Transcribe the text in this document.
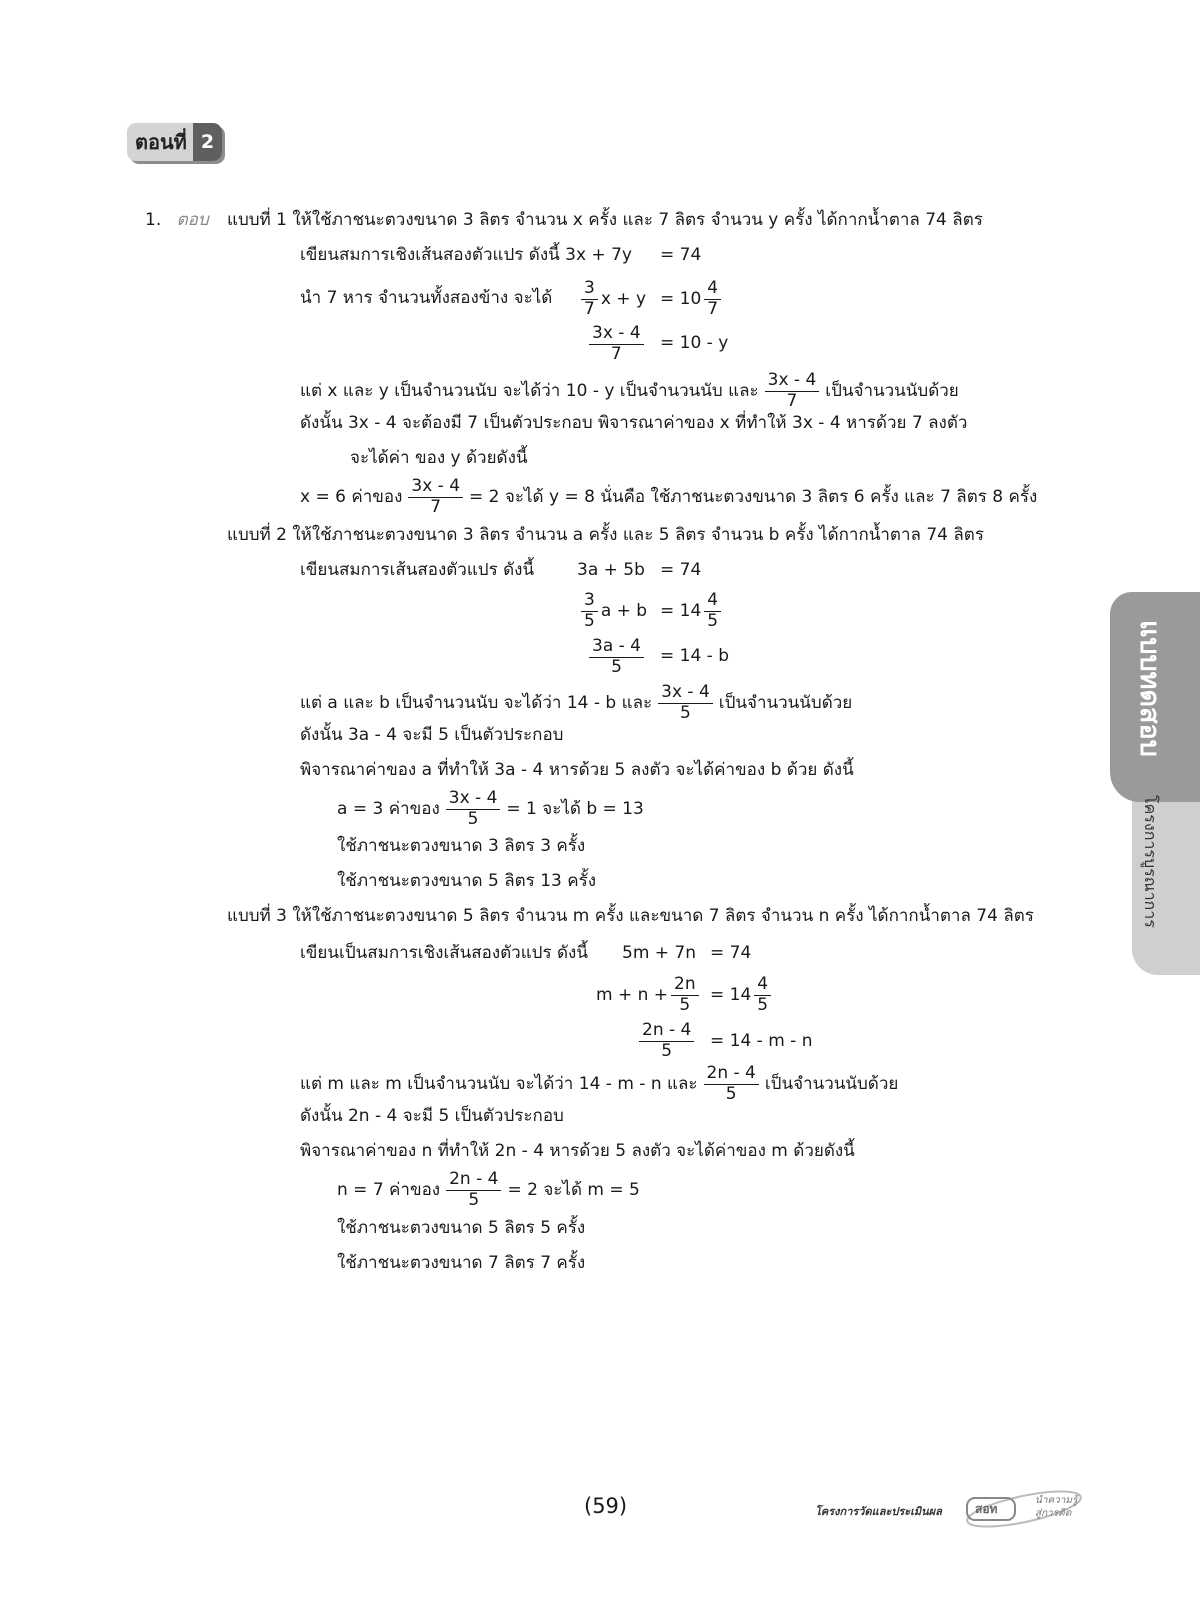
ตอนที่ 2
1. ตอบ แบบที่ 1 ให้ใช้ภาชนะตวงขนาด 3 ลิตร จำนวน x ครั้ง และ 7 ลิตร จำนวน y ครั้ง ได้กากน้ำตาล 74 ลิตร
เขียนสมการเชิงเส้นสองตัวแปร ดังนี้ 3x + 7y = 74
นำ 7 หาร จำนวนทั้งสองข้าง จะได้ $\frac{3}{7}$ $x + y = 10 \frac{4}{7}$
$\frac{3x - 4}{7} = 10 - y$
แต่ x และ y เป็นจำนวนนับ จะได้ว่า 10 - y เป็นจำนวนนับ และ $\frac{3x - 4}{7}$ เป็นจำนวนนับด้วย
ดังนั้น 3x - 4 จะต้องมี 7 เป็นตัวประกอบ พิจารณาค่าของ x ที่ทำให้ 3x - 4 หารด้วย 7 ลงตัว
จะได้ค่า ของ y ด้วยดังนี้
x = 6 ค่าของ $\frac{3x - 4}{7} = 2$ จะได้ y = 8 นั่นคือ ใช้ภาชนะตวงขนาด 3 ลิตร 6 ครั้ง และ 7 ลิตร 8 ครั้ง
แบบที่ 2 ให้ใช้ภาชนะตวงขนาด 3 ลิตร จำนวน a ครั้ง และ 5 ลิตร จำนวน b ครั้ง ได้กากน้ำตาล 74 ลิตร
เขียนสมการเส้นสองตัวแปร ดังนี้	3a + 5b = 74
$\frac{3}{5}$ $a + b = 14 \frac{4}{5}$
$\frac{3a - 4}{5} = 14 - b$
แต่ a และ b เป็นจำนวนนับ จะได้ว่า 14 - b และ $\frac{3x - 4}{5}$ เป็นจำนวนนับด้วย
ดังนั้น 3a - 4 จะมี 5 เป็นตัวประกอบ
พิจารณาค่าของ a ที่ทำให้ 3a - 4 หารด้วย 5 ลงตัว จะได้ค่าของ b ด้วย ดังนี้
a = 3 ค่าของ $\frac{3x - 4}{5} = 1$ จะได้ b = 13
ใช้ภาชนะตวงขนาด 3 ลิตร 3 ครั้ง
ใช้ภาชนะตวงขนาด 5 ลิตร 13 ครั้ง
แบบที่ 3 ให้ใช้ภาชนะตวงขนาด 5 ลิตร จำนวน m ครั้ง และขนาด 7 ลิตร จำนวน n ครั้ง ได้กากน้ำตาล 74 ลิตร
เขียนเป็นสมการเชิงเส้นสองตัวแปร ดังนี้ 5m + 7n = 74
$m + n + \frac{2n}{5} = 14 \frac{4}{5}$
$\frac{2n - 4}{5} = 14 - m - n$
แต่ m และ m เป็นจำนวนนับ จะได้ว่า 14 - m - n และ $\frac{2n - 4}{5}$ เป็นจำนวนนับด้วย
ดังนั้น 2n - 4 จะมี 5 เป็นตัวประกอบ
พิจารณาค่าของ n ที่ทำให้ 2n - 4 หารด้วย 5 ลงตัว จะได้ค่าของ m ด้วยดังนี้
n = 7 ค่าของ $\frac{2n - 4}{5} = 2$ จะได้ m = 5
ใช้ภาชนะตวงขนาด 5 ลิตร 5 ครั้ง
ใช้ภาชนะตวงขนาด 7 ลิตร 7 ครั้ง
แบบทดสอบ
โครงการบูรณาการ
(59)	โครงการวัดและประเมินผล	สอท
นำความรู้
สู่การคิด
